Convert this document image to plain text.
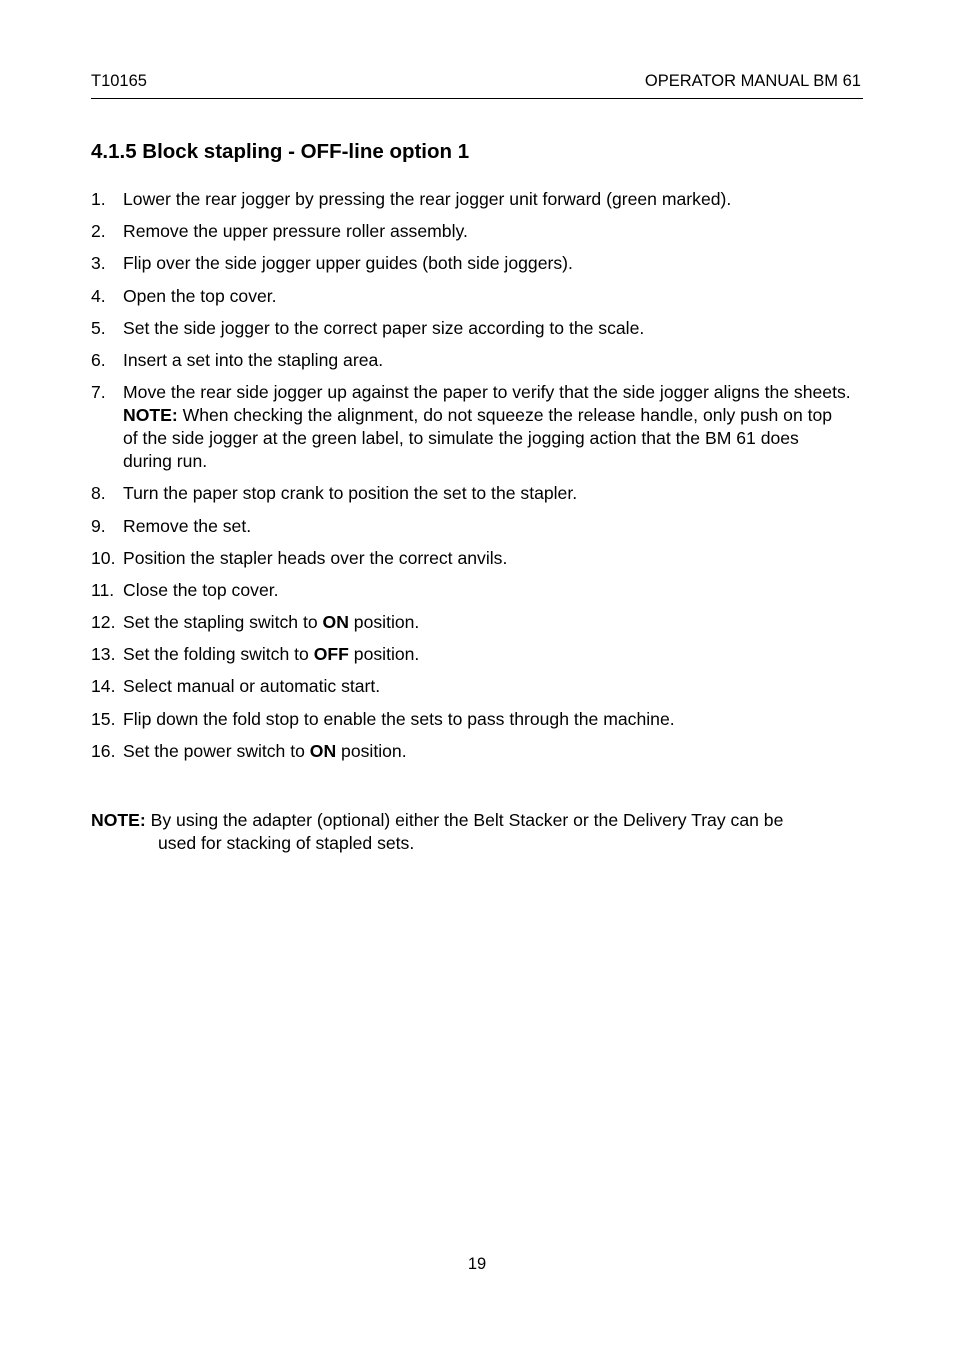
T10165	OPERATOR MANUAL BM 61
4.1.5 Block stapling - OFF-line option 1
1. Lower the rear jogger by pressing the rear jogger unit forward (green marked).
2. Remove the upper pressure roller assembly.
3. Flip over the side jogger upper guides (both side joggers).
4. Open the top cover.
5. Set the side jogger to the correct paper size according to the scale.
6. Insert a set into the stapling area.
7. Move the rear side jogger up against the paper to verify that the side jogger aligns the sheets.
NOTE: When checking the alignment, do not squeeze the release handle, only push on top of the side jogger at the green label, to simulate the jogging action that the BM 61 does during run.
8. Turn the paper stop crank to position the set to the stapler.
9. Remove the set.
10. Position the stapler heads over the correct anvils.
11. Close the top cover.
12. Set the stapling switch to ON position.
13. Set the folding switch to OFF position.
14. Select manual or automatic start.
15. Flip down the fold stop to enable the sets to pass through the machine.
16. Set the power switch to ON position.
NOTE: By using the adapter (optional) either the Belt Stacker or the Delivery Tray can be
used for stacking of stapled sets.
19
